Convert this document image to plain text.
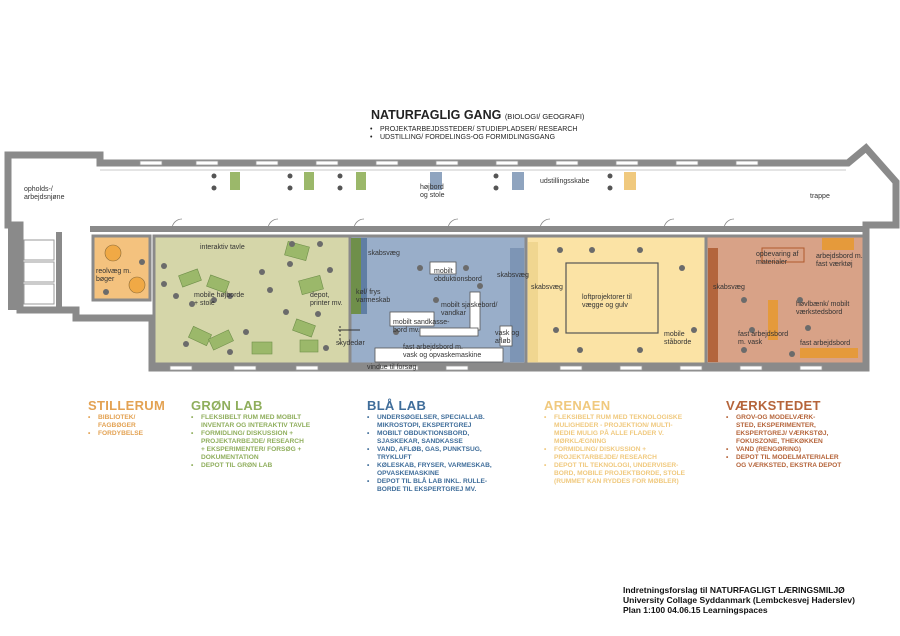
NATURFAGLIG GANG (BIOLOGI/ GEOGRAFI)
• PROJEKTARBEJDSSTEDER/ STUDIEPLADSER/ RESEARCH
• UDSTILLING/ FORDELINGS-OG FORMIDLINGSGANG
opholds-/
arbejdsnjøne
højbord
og stole
udstillingsskabe
trappe
reolvæg m.
bøger
interaktiv tavle
mobile højborde
+ stole
depot,
printer mv.
skabsvæg
køl/ frys
varmeskab
mobilt
obduktionsbord
skabsvæg
mobilt sjaskebord/
vandkar
mobilt sandkasse-
bord mv.	vask og
afløb
skydedør
fast arbejdsbord m.
vask og opvaskemaskine
vindue til forsøg
skabsvæg
loftprojektorer til
vægge og gulv
mobile
ståborde
skabsvæg
opbevaring af
materialer
arbejdsbord m.
fast værktøj
høvlbænk/ mobilt
værkstedsbord
fast arbejdsbord
m. vask	fast arbejdsbord
STILLERUM
• BIBLIOTEK/
FAGBØGER
• FORDYBELSE
GRØN LAB
• FLEKSIBELT RUM MED MOBILT
INVENTAR OG INTERAKTIV TAVLE
• FORMIDLING/ DISKUSSION +
PROJEKTARBEJDE/ RESEARCH
+ EKSPERIMENTER/ FORSØG +
DOKUMENTATION
• DEPOT TIL GRØN LAB
BLÅ LAB
• UNDERSØGELSER, SPECIALLAB.
MIKROSTOPI, EKSPERTGREJ
• MOBILT OBDUKTIONSBORD,
SJASKEKAR, SANDKASSE
• VAND, AFLØB, GAS, PUNKTSUG,
TRYKLUFT
• KØLESKAB, FRYSER, VARMESKAB,
OPVASKEMASKINE
• DEPOT TIL BLÅ LAB INKL. RULLE-
BORDE TIL EKSPERTGREJ MV.
ARENAEN
• FLEKSIBELT RUM MED TEKNOLOGISKE
MULIGHEDER - PROJEKTION/ MULTI-
MEDIE MULIG PÅ ALLE FLADER V.
MØRKLÆGNING
• FORMIDLING/ DISKUSSION +
PROJEKTARBEJDE/ RESEARCH
• DEPOT TIL TEKNOLOGI, UNDERVISER-
BORD, MOBILE PROJEKTBORDE, STOLE
(RUMMET KAN RYDDES FOR MØBLER)
VÆRKSTEDET
• GROV-OG MODELVÆRK-
STED, EKSPERIMENTER,
EKSPERTGREJ/ VÆRKSTØJ,
FOKUSZONE, THEKØKKEN
• VAND (RENGØRING)
• DEPOT TIL MODELMATERIALER
OG VÆRKSTED, EKSTRA DEPOT
Indretningsforslag til NATURFAGLIGT LÆRINGSMILJØ
University Collage Syddanmark (Lembckesvej Haderslev)
Plan 1:100 04.06.15 Learningspaces
